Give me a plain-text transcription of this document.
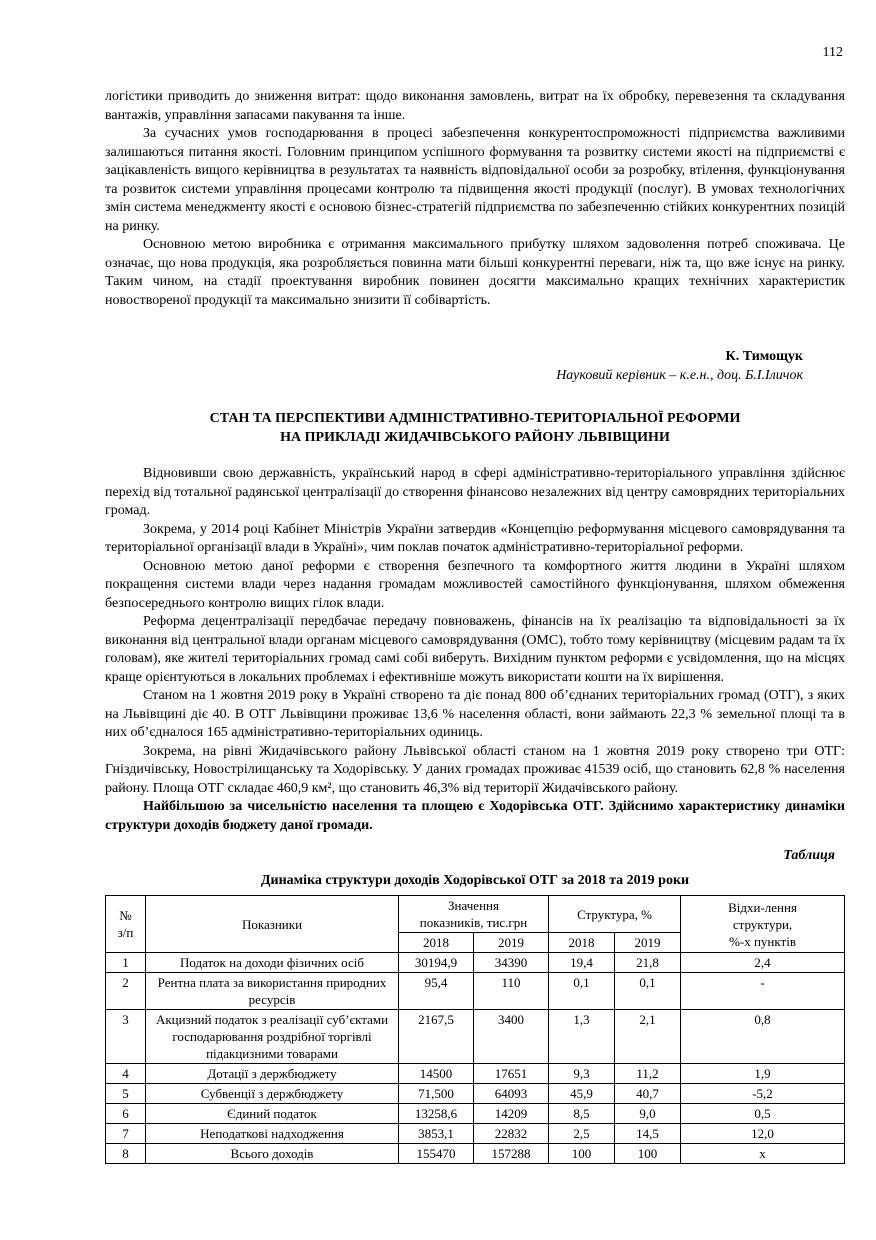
112

логістики приводить до зниження витрат: щодо виконання замовлень, витрат на їх обробку, перевезення та складування вантажів, управління запасами пакування та інше.

За сучасних умов господарювання в процесі забезпечення конкурентоспроможності підприємства важливими залишаються питання якості. Головним принципом успішного формування та розвитку системи якості на підприємстві є зацікавленість вищого керівництва в результатах та наявність відповідальної особи за розробку, втілення, функціонування та розвиток системи управління процесами контролю та підвищення якості продукції (послуг). В умовах технологічних змін система менеджменту якості є основою бізнес-стратегій підприємства по забезпеченню стійких конкурентних позицій на ринку.

Основною метою виробника є отримання максимального прибутку шляхом задоволення потреб споживача. Це означає, що нова продукція, яка розробляється повинна мати більші конкурентні переваги, ніж та, що вже існує на ринку. Таким чином, на стадії проектування виробник повинен досягти максимально кращих технічних характеристик новоствореної продукції та максимально знизити її собівартість.

К. Тимощук

Науковий керівник – к.е.н., доц. Б.І.Іличок

СТАН ТА ПЕРСПЕКТИВИ АДМІНІСТРАТИВНО-ТЕРИТОРІАЛЬНОЇ РЕФОРМИ
НА ПРИКЛАДІ ЖИДАЧІВСЬКОГО РАЙОНУ ЛЬВІВЩИНИ

Відновивши свою державність, український народ в сфері адміністративно-територіального управління здійснює перехід від тотальної радянської централізації до створення фінансово незалежних від центру самоврядних територіальних громад.

Зокрема, у 2014 році Кабінет Міністрів України затвердив «Концепцію реформування місцевого самоврядування та територіальної організації влади в Україні», чим поклав початок адміністративно-територіальної реформи.

Основною метою даної реформи є створення безпечного та комфортного життя людини в Україні шляхом покращення системи влади через надання громадам можливостей самостійного функціонування, шляхом обмеження безпосереднього контролю вищих гілок влади.

Реформа децентралізації передбачає передачу повноважень, фінансів на їх реалізацію та відповідальності за їх виконання від центральної влади органам місцевого самоврядування (ОМС), тобто тому керівництву (місцевим радам та їх головам), яке жителі територіальних громад самі собі виберуть. Вихідним пунктом реформи є усвідомлення, що на місцях краще орієнтуються в локальних проблемах і ефективніше можуть використати кошти на їх вирішення.

Станом на 1 жовтня 2019 року в Україні створено та діє понад 800 об’єднаних територіальних громад (ОТГ), з яких на Львівщині діє 40. В ОТГ Львівщини проживає 13,6 % населення області, вони займають 22,3 % земельної площі та в них об’єдналося 165 адміністративно-територіальних одиниць.

Зокрема, на рівні Жидачівського району Львівської області станом на 1 жовтня 2019 року створено три ОТГ: Гніздичівську, Новострілищанську та Ходорівську. У даних громадах проживає 41539 осіб, що становить 62,8 % населення району. Площа ОТГ складає 460,9 км², що становить 46,3% від території Жидачівського району.

Найбільшою за чисельністю населення та площею є Ходорівська ОТГ. Здійснимо характеристику динаміки структури доходів бюджету даної громади.

Таблиця

Динаміка структури доходів Ходорівської ОТГ за 2018 та 2019 роки

№
з/п	Показники	Значення
показників, тис.грн		Структура, %		Відхи-лення
структури,
%-х пунктів

		2018	2019	2018	2019	
1	Податок на доходи фізичних осіб	30194,9	34390	19,4	21,8	2,4
2	Рентна плата за використання природних ресурсів	95,4	110	0,1	0,1	-
3	Акцизний податок з реалізації суб’єктами господарювання роздрібної торгівлі підакцизними товарами	2167,5	3400	1,3	2,1	0,8
4	Дотації з держбюджету	14500	17651	9,3	11,2	1,9
5	Субвенції з держбюджету	71,500	64093	45,9	40,7	-5,2
6	Єдиний податок	13258,6	14209	8,5	9,0	0,5
7	Неподаткові надходження	3853,1	22832	2,5	14,5	12,0
8	Всього доходів	155470	157288	100	100	x
